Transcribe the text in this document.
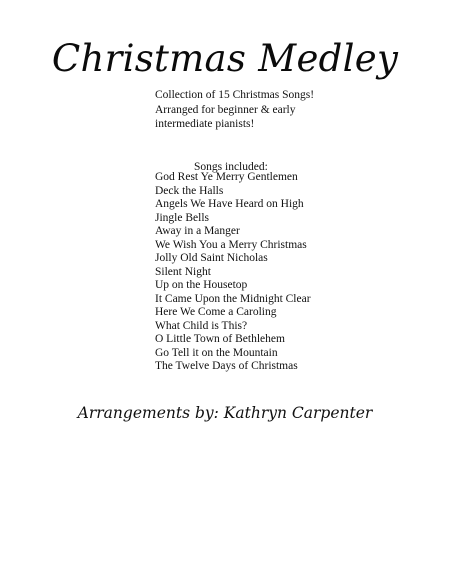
Christmas Medley
Collection of 15 Christmas Songs!
Arranged for beginner & early
intermediate pianists!
Songs included:
God Rest Ye Merry Gentlemen
Deck the Halls
Angels We Have Heard on High
Jingle Bells
Away in a Manger
We Wish You a Merry Christmas
Jolly Old Saint Nicholas
Silent Night
Up on the Housetop
It Came Upon the Midnight Clear
Here We Come a Caroling
What Child is This?
O Little Town of Bethlehem
Go Tell it on the Mountain
The Twelve Days of Christmas
Arrangements by: Kathryn Carpenter
